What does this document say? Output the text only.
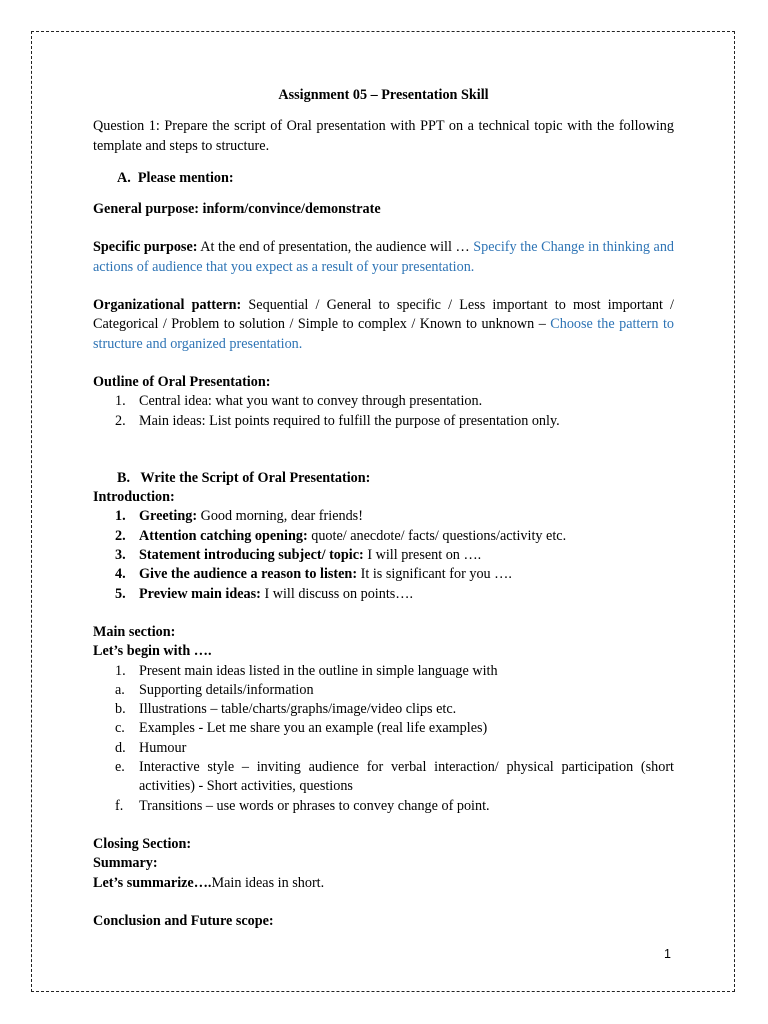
Assignment 05 – Presentation Skill

Question 1: Prepare the script of Oral presentation with PPT on a technical topic with the following template and steps to structure.

A. Please mention:

General purpose: inform/convince/demonstrate

Specific purpose: At the end of presentation, the audience will … Specify the Change in thinking and actions of audience that you expect as a result of your presentation.

Organizational pattern: Sequential / General to specific / Less important to most important / Categorical / Problem to solution / Simple to complex / Known to unknown – Choose the pattern to structure and organized presentation.

Outline of Oral Presentation:

1. Central idea: what you want to convey through presentation.
2. Main ideas: List points required to fulfill the purpose of presentation only.

B. Write the Script of Oral Presentation:

Introduction:

1. Greeting: Good morning, dear friends!
2. Attention catching opening: quote/ anecdote/ facts/ questions/activity etc.
3. Statement introducing subject/ topic: I will present on ….
4. Give the audience a reason to listen: It is significant for you ….
5. Preview main ideas: I will discuss on points….

Main section:

Let’s begin with ….

1. Present main ideas listed in the outline in simple language with
a. Supporting details/information
b. Illustrations – table/charts/graphs/image/video clips etc.
c. Examples - Let me share you an example (real life examples)
d. Humour
e. Interactive style – inviting audience for verbal interaction/ physical participation (short activities) - Short activities, questions
f.	Transitions – use words or phrases to convey change of point.

Closing Section:

Summary:

Let’s summarize….Main ideas in short.

Conclusion and Future scope:

1
